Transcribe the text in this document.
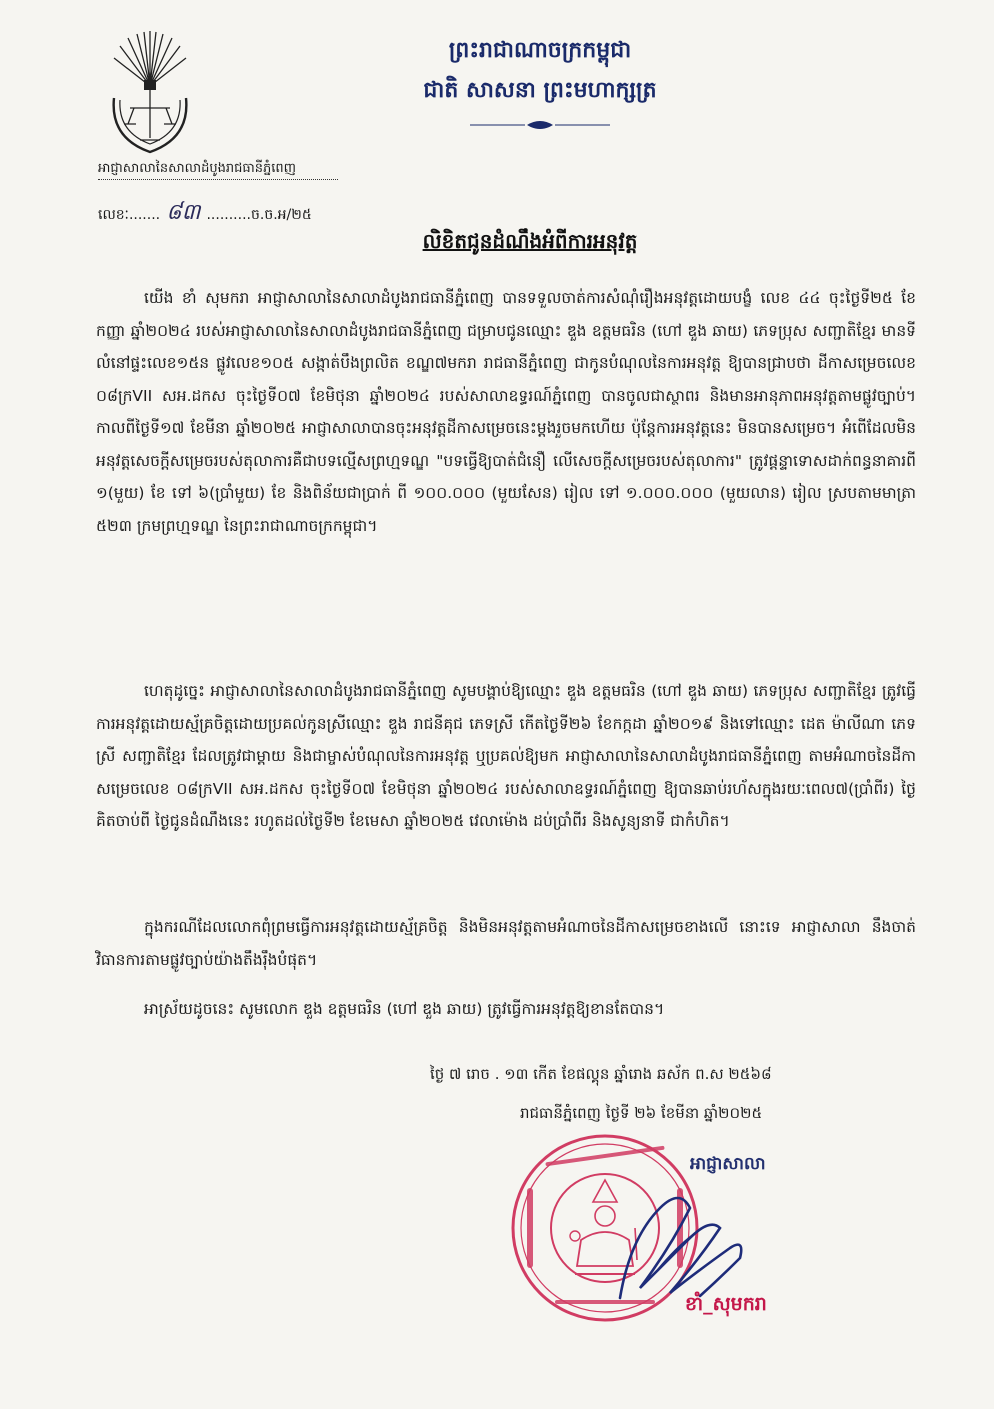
អាជ្ញាសាលានៃសាលាដំបូងរាជធានីភ្នំពេញ
លេខៈ....... ៨៣ ..........ច.ច.អ/២៥
ព្រះរាជាណាចក្រកម្ពុជា
ជាតិ សាសនា ព្រះមហាក្សត្រ
លិខិតជូនដំណឹងអំពីការអនុវត្ត
យើង ខាំ សុមករា អាជ្ញាសាលានៃសាលាដំបូងរាជធានីភ្នំពេញ បានទទួលចាត់ការសំណុំរឿងអនុវត្តដោយបង្ខំ លេខ ៤៤ ចុះថ្ងៃទី២៥ ខែកញ្ញា ឆ្នាំ២០២៤ របស់អាជ្ញាសាលានៃសាលាដំបូងរាជធានីភ្នំពេញ ជម្រាបជូនឈ្មោះ ឌួង ឧត្តមធរិន (ហៅ ឌួង ឆាយ) ភេទប្រុស សញ្ជាតិខ្មែរ មានទីលំនៅផ្ទះលេខ១៥ន ផ្លូវលេខ១០៥ សង្កាត់បឹងព្រលិត ខណ្ឌ៧មករា រាជធានីភ្នំពេញ ជាកូនបំណុលនៃការអនុវត្ត ឱ្យបានជ្រាបថា ដីកាសម្រេចលេខ ០៨ក្រVII សអ.ដកស ចុះថ្ងៃទី០៧ ខែមិថុនា ឆ្នាំ២០២៤ របស់សាលាឧទ្ធរណ៍ភ្នំពេញ បានចូលជាស្ថាពរ និងមានអានុភាពអនុវត្តតាមផ្លូវច្បាប់។ កាលពីថ្ងៃទី១៧ ខែមីនា ឆ្នាំ២០២៥ អាជ្ញាសាលាបានចុះអនុវត្តដីកាសម្រេចនេះម្តងរួចមកហើយ ប៉ុន្តែការអនុវត្តនេះ មិនបានសម្រេច។ អំពើដែលមិនអនុវត្តសេចក្តីសម្រេចរបស់តុលាការគឺជាបទល្មើសព្រហ្មទណ្ឌ "បទធ្វើឱ្យបាត់ជំនឿ លើសេចក្តីសម្រេចរបស់តុលាការ" ត្រូវផ្តន្ទាទោសដាក់ពន្ធនាគារពី ១(មួយ) ខែ ទៅ ៦(ប្រាំមួយ) ខែ និងពិន័យជាប្រាក់ ពី ១០០.០០០ (មួយសែន) រៀល ទៅ ១.០០០.០០០ (មួយលាន) រៀល ស្របតាមមាត្រា ៥២៣ ក្រមព្រហ្មទណ្ឌ នៃព្រះរាជាណាចក្រកម្ពុជា។
ហេតុដូច្នេះ អាជ្ញាសាលានៃសាលាដំបូងរាជធានីភ្នំពេញ សូមបង្គាប់ឱ្យឈ្មោះ ឌួង ឧត្តមធរិន (ហៅ ឌួង ឆាយ) ភេទប្រុស សញ្ជាតិខ្មែរ ត្រូវធ្វើការអនុវត្តដោយស្ម័គ្រចិត្តដោយប្រគល់កូនស្រីឈ្មោះ ឌួង រាជនីគុជ ភេទស្រី កើតថ្ងៃទី២៦ ខែកក្កដា ឆ្នាំ២០១៩ និងទៅឈ្មោះ ដេត ម៉ាលីណា ភេទស្រី សញ្ជាតិខ្មែរ ដែលត្រូវជាម្តាយ និងជាម្ចាស់បំណុលនៃការអនុវត្ត ឬប្រគល់ឱ្យមក អាជ្ញាសាលានៃសាលាដំបូងរាជធានីភ្នំពេញ តាមអំណាចនៃដីកាសម្រេចលេខ ០៨ក្រVII សអ.ដកស ចុះថ្ងៃទី០៧ ខែមិថុនា ឆ្នាំ២០២៤ របស់សាលាឧទ្ធរណ៍ភ្នំពេញ ឱ្យបានឆាប់រហ័សក្នុងរយៈពេល៧(ប្រាំពីរ) ថ្ងៃ គិតចាប់ពី ថ្ងៃជូនដំណឹងនេះ រហូតដល់ថ្ងៃទី២ ខែមេសា ឆ្នាំ២០២៥ វេលាម៉ោង ដប់ប្រាំពីរ និងសូន្យនាទី ជាកំហិត។
ក្នុងករណីដែលលោកពុំព្រមធ្វើការអនុវត្តដោយស្ម័គ្រចិត្ត និងមិនអនុវត្តតាមអំណាចនៃដីកាសម្រេចខាងលើ នោះទេ អាជ្ញាសាលា នឹងចាត់វិធានការតាមផ្លូវច្បាប់យ៉ាងតឹងរ៉ឹងបំផុត។
អាស្រ័យដូចនេះ សូមលោក ឌួង ឧត្តមធរិន (ហៅ ឌួង ឆាយ) ត្រូវធ្វើការអនុវត្តឱ្យខានតែបាន។
ថ្ងៃ ៧ រោច . ១៣ កើត ខែផល្គុន ឆ្នាំរោង ឆស័ក ព.ស ២៥៦៨
រាជធានីភ្នំពេញ ថ្ងៃទី ២៦ ខែមីនា ឆ្នាំ២០២៥
អាជ្ញាសាលា
ខាំ_សុមករា
